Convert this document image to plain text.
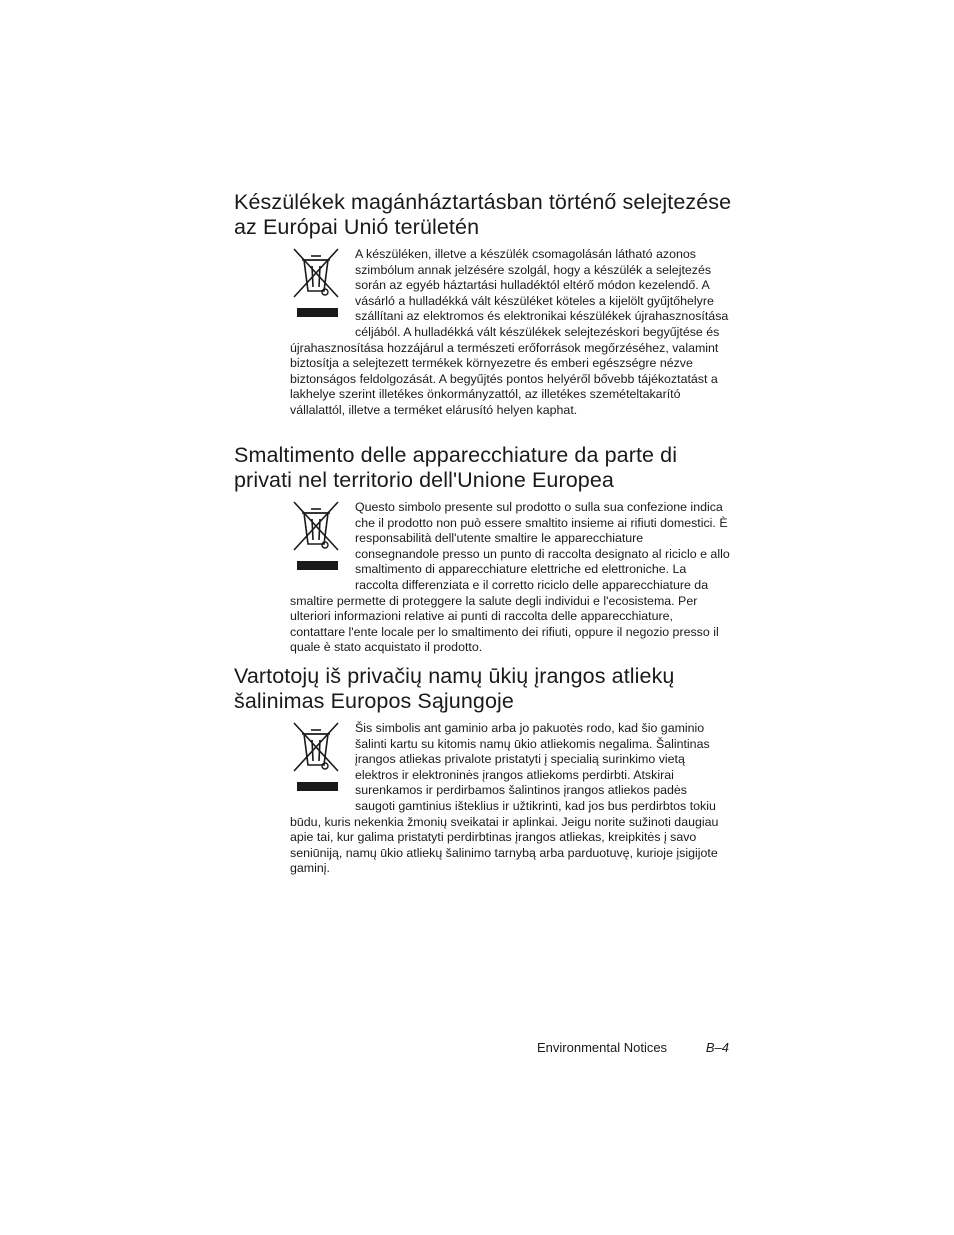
Készülékek magánháztartásban történő selejtezése az Európai Unió területén

A készüléken, illetve a készülék csomagolásán látható azonos szimbólum annak jelzésére szolgál, hogy a készülék a selejtezés során az egyéb háztartási hulladéktól eltérő módon kezelendő. A vásárló a hulladékká vált készüléket köteles a kijelölt gyűjtőhelyre szállítani az elektromos és elektronikai készülékek újrahasznosítása céljából. A hulladékká vált készülékek selejtezéskori begyűjtése és újrahasznosítása hozzájárul a természeti erőforrások megőrzéséhez, valamint biztosítja a selejtezett termékek környezetre és emberi egészségre nézve biztonságos feldolgozását. A begyűjtés pontos helyéről bővebb tájékoztatást a lakhelye szerint illetékes önkormányzattól, az illetékes szemételtakarító vállalattól, illetve a terméket elárusító helyen kaphat.

Smaltimento delle apparecchiature da parte di privati nel territorio dell'Unione Europea

Questo simbolo presente sul prodotto o sulla sua confezione indica che il prodotto non può essere smaltito insieme ai rifiuti domestici. È responsabilità dell'utente smaltire le apparecchiature consegnandole presso un punto di raccolta designato al riciclo e allo smaltimento di apparecchiature elettriche ed elettroniche. La raccolta differenziata e il corretto riciclo delle apparecchiature da smaltire permette di proteggere la salute degli individui e l'ecosistema. Per ulteriori informazioni relative ai punti di raccolta delle apparecchiature, contattare l'ente locale per lo smaltimento dei rifiuti, oppure il negozio presso il quale è stato acquistato il prodotto.

Vartotojų iš privačių namų ūkių įrangos atliekų šalinimas Europos Sąjungoje

Šis simbolis ant gaminio arba jo pakuotės rodo, kad šio gaminio šalinti kartu su kitomis namų ūkio atliekomis negalima. Šalintinas įrangos atliekas privalote pristatyti į specialią surinkimo vietą elektros ir elektroninės įrangos atliekoms perdirbti. Atskirai surenkamos ir perdirbamos šalintinos įrangos atliekos padės saugoti gamtinius išteklius ir užtikrinti, kad jos bus perdirbtos tokiu būdu, kuris nekenkia žmonių sveikatai ir aplinkai. Jeigu norite sužinoti daugiau apie tai, kur galima pristatyti perdirbtinas įrangos atliekas, kreipkitės į savo seniūniją, namų ūkio atliekų šalinimo tarnybą arba parduotuvę, kurioje įsigijote gaminį.

Environmental Notices	B–4
